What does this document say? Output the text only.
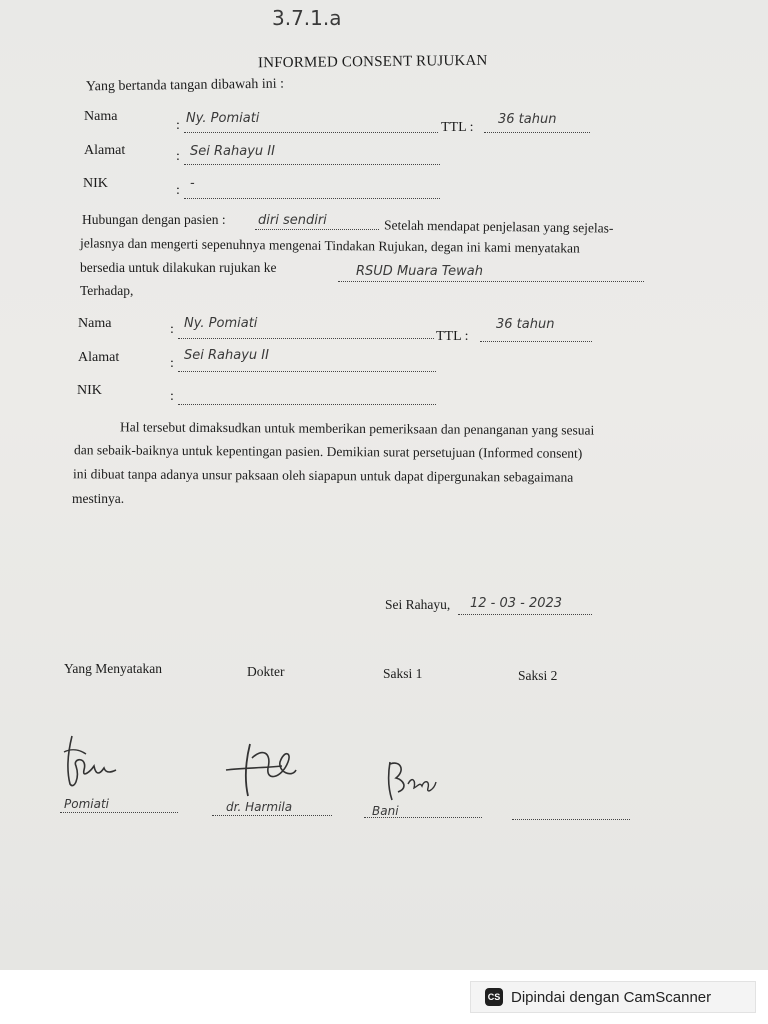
3.7.1.a
INFORMED CONSENT RUJUKAN
Yang bertanda tangan dibawah ini :
Nama
: Ny. Pomiati
TTL :
36 tahun
Alamat	: Sei Rahayu II
NIK	: -
Hubungan dengan pasien : diri sendiri	Setelah mendapat penjelasan yang sejelas-
jelasnya dan mengerti sepenuhnya mengenai Tindakan Rujukan, degan ini kami menyatakan
bersedia untuk dilakukan rujukan ke	RSUD Muara Tewah
Terhadap,
Nama	: Ny. Pomiati
TTL :
36 tahun
Alamat	:
Sei Rahayu II
NIK	:
Hal tersebut dimaksudkan untuk memberikan pemeriksaan dan penanganan yang sesuai
dan sebaik-baiknya untuk kepentingan pasien. Demikian surat persetujuan (Informed consent)
ini dibuat tanpa adanya unsur paksaan oleh siapapun untuk dapat dipergunakan sebagaimana
mestinya.
Sei Rahayu, 12 - 03 - 2023
Yang Menyatakan	Dokter	Saksi 1	Saksi 2
Pomiati	dr. Harmila	Bani
CS Dipindai dengan CamScanner
